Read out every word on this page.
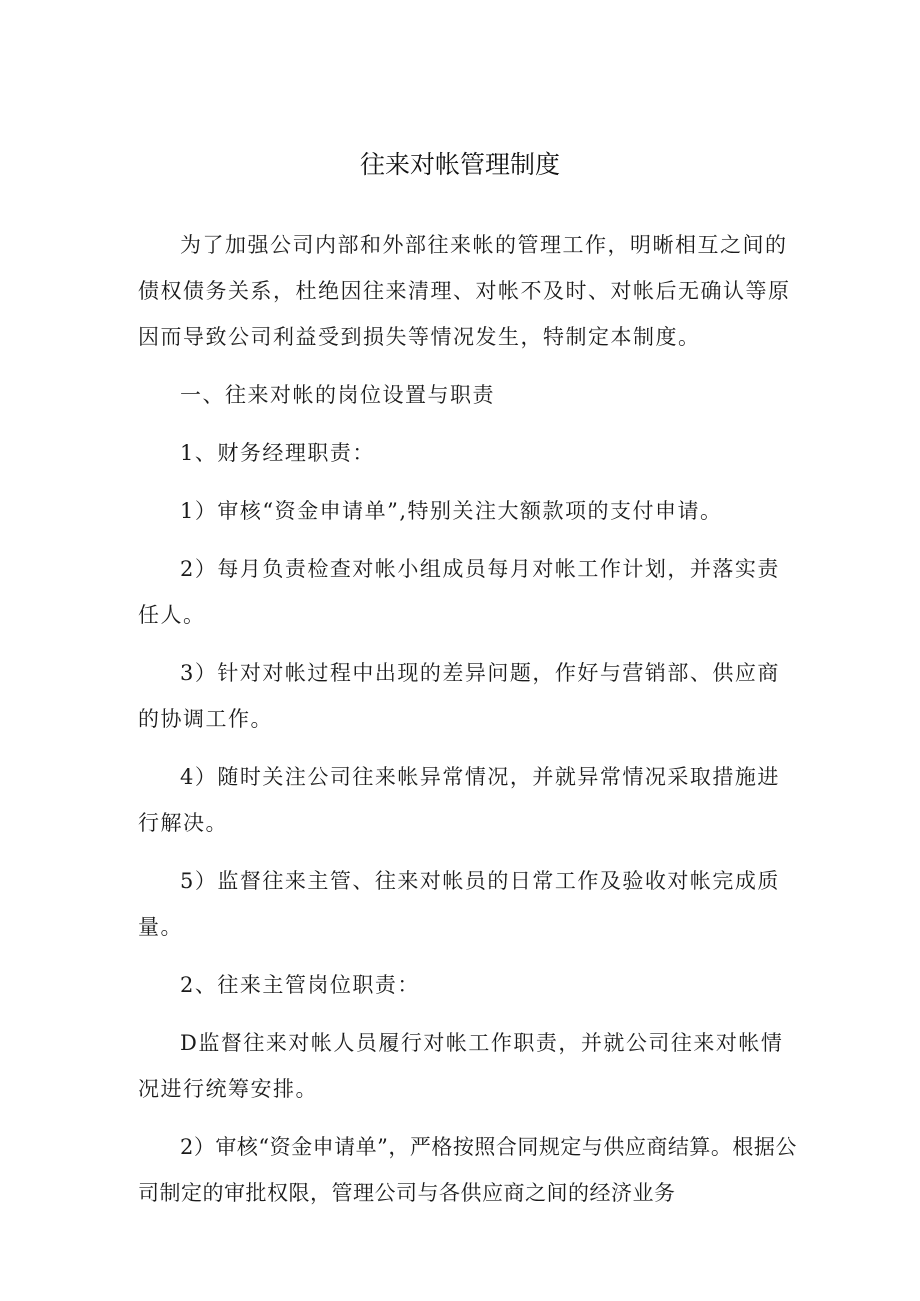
往来对帐管理制度

为了加强公司内部和外部往来帐的管理工作，明晰相互之间的债权债务关系，杜绝因往来清理、对帐不及时、对帐后无确认等原因而导致公司利益受到损失等情况发生，特制定本制度。

一、往来对帐的岗位设置与职责

1、财务经理职责：

1）审核“资金申请单”,特别关注大额款项的支付申请。

2）每月负责检查对帐小组成员每月对帐工作计划，并落实责任人。

3）针对对帐过程中出现的差异问题，作好与营销部、供应商的协调工作。

4）随时关注公司往来帐异常情况，并就异常情况采取措施进行解决。

5）监督往来主管、往来对帐员的日常工作及验收对帐完成质量。

2、往来主管岗位职责：

D监督往来对帐人员履行对帐工作职责，并就公司往来对帐情况进行统筹安排。

2）审核“资金申请单”，严格按照合同规定与供应商结算。根据公司制定的审批权限，管理公司与各供应商之间的经济业务
